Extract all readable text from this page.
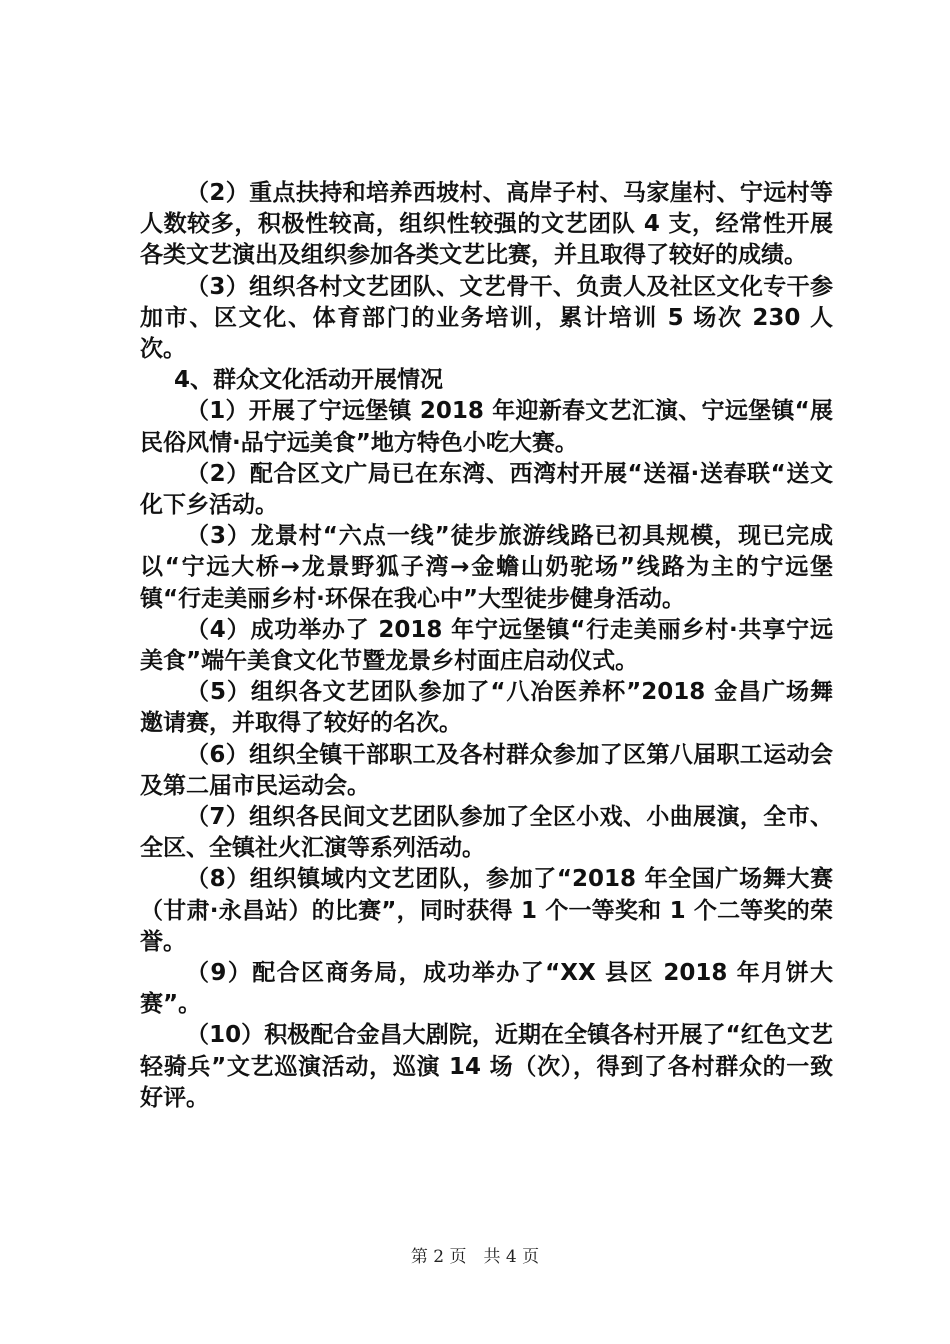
（2）重点扶持和培养西坡村、高岸子村、马家崖村、宁远村等人数较多，积极性较高，组织性较强的文艺团队 4 支，经常性开展各类文艺演出及组织参加各类文艺比赛，并且取得了较好的成绩。

（3）组织各村文艺团队、文艺骨干、负责人及社区文化专干参加市、区文化、体育部门的业务培训，累计培训 5 场次 230 人次。

4、群众文化活动开展情况

（1）开展了宁远堡镇 2018 年迎新春文艺汇演、宁远堡镇“展民俗风情·品宁远美食”地方特色小吃大赛。

（2）配合区文广局已在东湾、西湾村开展“送福·送春联“送文化下乡活动。

（3）龙景村“六点一线”徒步旅游线路已初具规模，现已完成以“宁远大桥→龙景野狐子湾→金蟾山奶驼场”线路为主的宁远堡镇“行走美丽乡村·环保在我心中”大型徒步健身活动。

（4）成功举办了 2018 年宁远堡镇“行走美丽乡村·共享宁远美食”端午美食文化节暨龙景乡村面庄启动仪式。

（5）组织各文艺团队参加了“八冶医养杯”2018 金昌广场舞邀请赛，并取得了较好的名次。

（6）组织全镇干部职工及各村群众参加了区第八届职工运动会及第二届市民运动会。

（7）组织各民间文艺团队参加了全区小戏、小曲展演，全市、全区、全镇社火汇演等系列活动。

（8）组织镇域内文艺团队，参加了“2018 年全国广场舞大赛（甘肃·永昌站）的比赛”，同时获得 1 个一等奖和 1 个二等奖的荣誉。

（9）配合区商务局，成功举办了“XX 县区 2018 年月饼大赛”。

（10）积极配合金昌大剧院，近期在全镇各村开展了“红色文艺轻骑兵”文艺巡演活动，巡演 14 场（次），得到了各村群众的一致好评。

第 2 页　共 4 页
